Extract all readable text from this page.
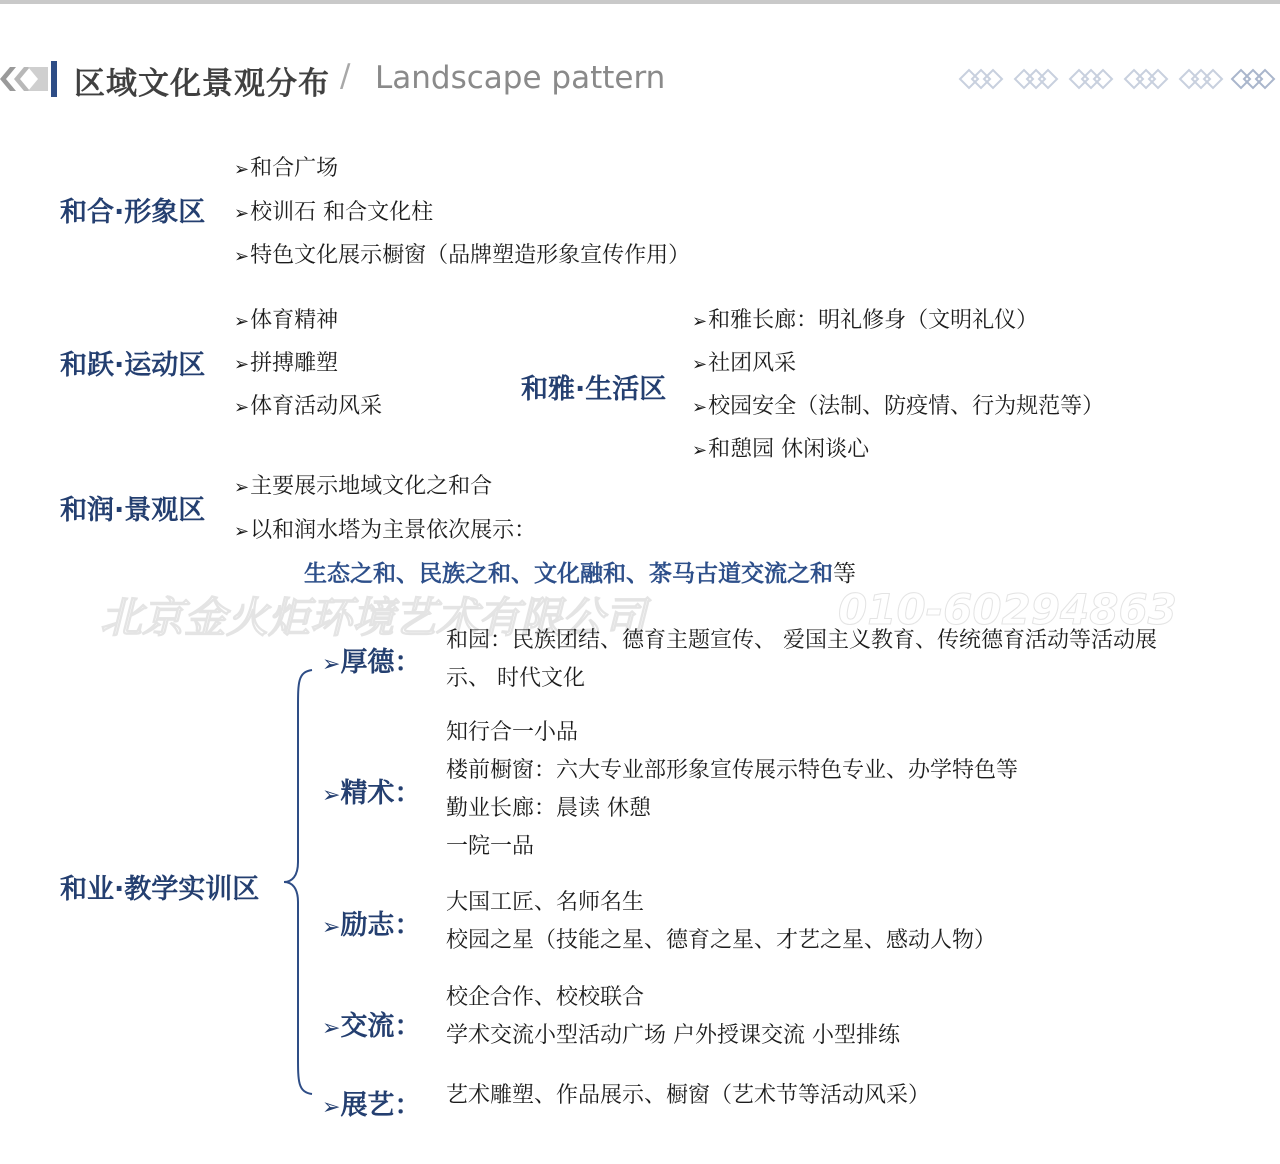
区域文化景观分布 / Landscape pattern
和合·形象区
➢和合广场
➢校训石 和合文化柱
➢特色文化展示橱窗（品牌塑造形象宣传作用）
和跃·运动区
➢体育精神
➢拼搏雕塑
➢体育活动风采
和雅·生活区
➢和雅长廊：明礼修身（文明礼仪）
➢社团风采
➢校园安全（法制、防疫情、行为规范等）
➢和憩园 休闲谈心
和润·景观区
➢主要展示地域文化之和合
➢以和润水塔为主景依次展示：
生态之和、民族之和、文化融和、茶马古道交流之和等
北京金火炬环境艺术有限公司	010-60294863
和业·教学实训区
➢厚德：
和园：民族团结、德育主题宣传、 爱国主义教育、传统德育活动等活动展
示、 时代文化
➢精术：
知行合一小品
楼前橱窗：六大专业部形象宣传展示特色专业、办学特色等
勤业长廊：晨读 休憩
一院一品
➢励志：
大国工匠、名师名生
校园之星（技能之星、德育之星、才艺之星、感动人物）
➢交流：
校企合作、校校联合
学术交流小型活动广场 户外授课交流 小型排练
➢展艺： 艺术雕塑、作品展示、橱窗（艺术节等活动风采）
